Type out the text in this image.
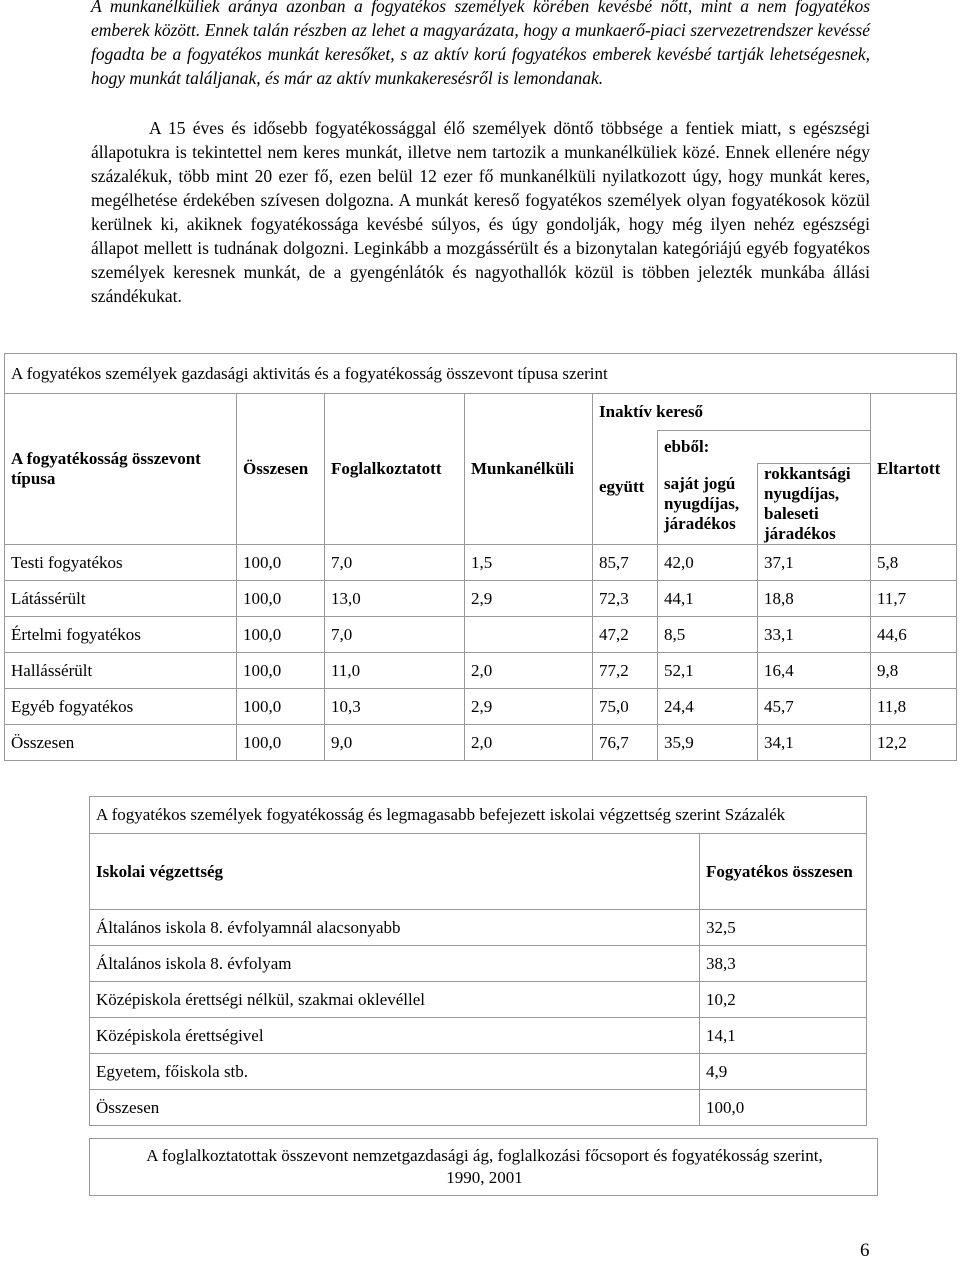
A munkanélküliek aránya azonban a fogyatékos személyek körében kevésbé nőtt, mint a nem fogyatékos emberek között. Ennek talán részben az lehet a magyarázata, hogy a munkaerő-piaci szervezetrendszer kevéssé fogadta be a fogyatékos munkát keresőket, s az aktív korú fogyatékos emberek kevésbé tartják lehetségesnek, hogy munkát találjanak, és már az aktív munkakeresésről is lemondanak.
A 15 éves és idősebb fogyatékossággal élő személyek döntő többsége a fentiek miatt, s egészségi állapotukra is tekintettel nem keres munkát, illetve nem tartozik a munkanélküliek közé. Ennek ellenére négy százalékuk, több mint 20 ezer fő, ezen belül 12 ezer fő munkanélküli nyilatkozott úgy, hogy munkát keres, megélhetése érdekében szívesen dolgozna. A munkát kereső fogyatékos személyek olyan fogyatékosok közül kerülnek ki, akiknek fogyatékossága kevésbé súlyos, és úgy gondolják, hogy még ilyen nehéz egészségi állapot mellett is tudnának dolgozni. Leginkább a mozgássérült és a bizonytalan kategóriájú egyéb fogyatékos személyek keresnek munkát, de a gyengénlátók és nagyothallók közül is többen jelezték munkába állási szándékukat.
A fogyatékos személyek gazdasági aktivitás és a fogyatékosság összevont típusa szerint							
A fogyatékosság összevont típusa	Összesen	Foglalkoztatott	Munkanélküli	Inaktív kereső			Eltartott
				együtt	ebből:		
					saját jogú nyugdíjas, járadékos	rokkantsági nyugdíjas, baleseti járadékos	
Testi fogyatékos	100,0	7,0	1,5	85,7	42,0	37,1	5,8
Látássérült	100,0	13,0	2,9	72,3	44,1	18,8	11,7
Értelmi fogyatékos	100,0	7,0		47,2	8,5	33,1	44,6
Hallássérült	100,0	11,0	2,0	77,2	52,1	16,4	9,8
Egyéb fogyatékos	100,0	10,3	2,9	75,0	24,4	45,7	11,8
Összesen	100,0	9,0	2,0	76,7	35,9	34,1	12,2
A fogyatékos személyek fogyatékosság és legmagasabb befejezett iskolai végzettség szerint Százalék	
Iskolai végzettség	Fogyatékos összesen
Általános iskola 8. évfolyamnál alacsonyabb	32,5
Általános iskola 8. évfolyam	38,3
Középiskola érettségi nélkül, szakmai oklevéllel	10,2
Középiskola érettségivel	14,1
Egyetem, főiskola stb.	4,9
Összesen	100,0
A foglalkoztatottak összevont nemzetgazdasági ág, foglalkozási főcsoport és fogyatékosság szerint,
1990, 2001
6
